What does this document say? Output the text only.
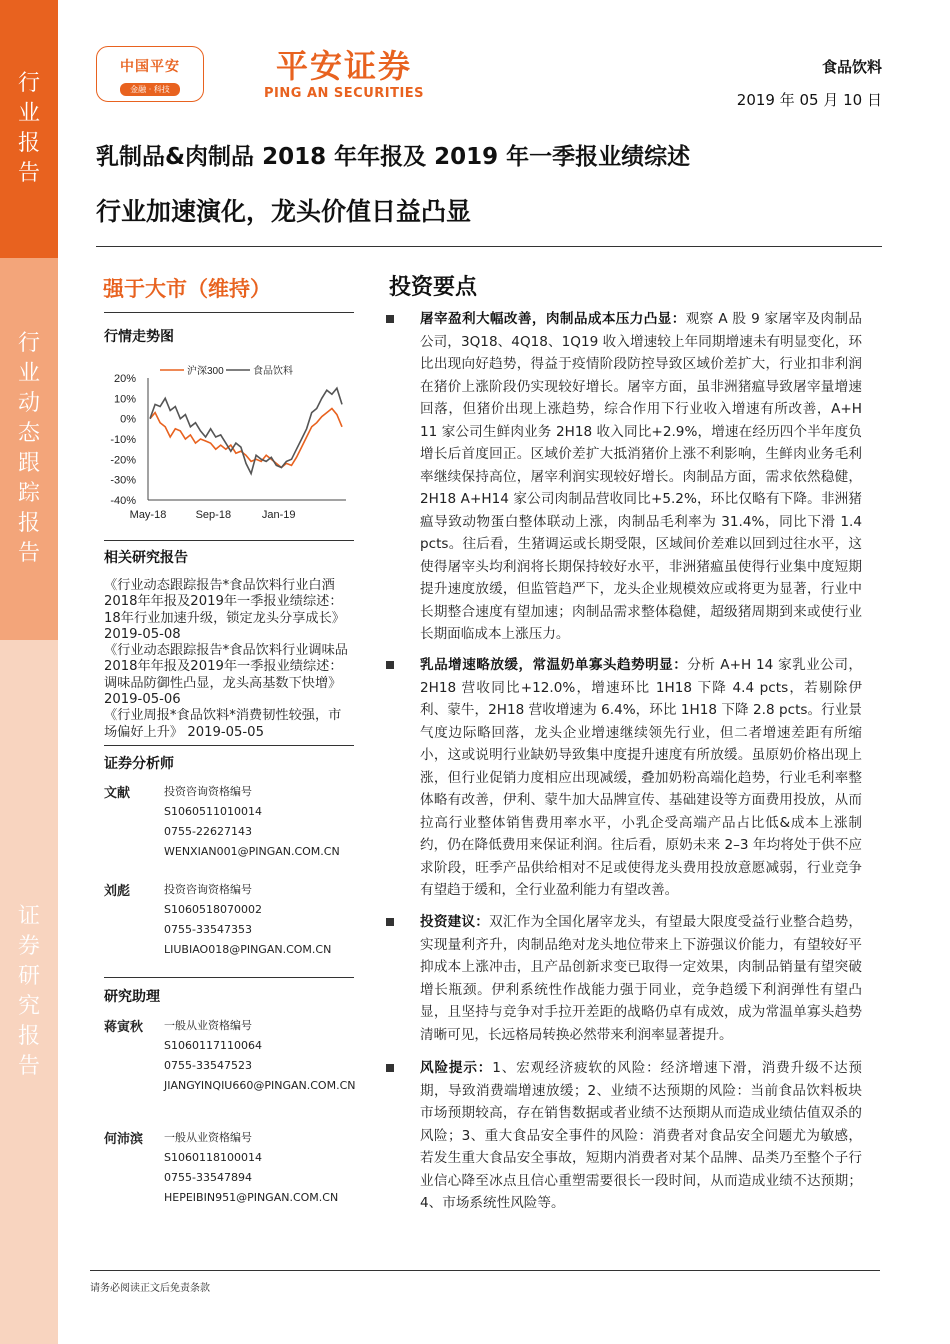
行业报告
行业动态跟踪报告
证券研究报告
中国平安
金融 · 科技
平安证券
PING AN SECURITIES
食品饮料
2019 年 05 月 10 日
乳制品&肉制品 2018 年年报及 2019 年一季报业绩综述
行业加速演化，龙头价值日益凸显
强于大市（维持）
行情走势图
沪深300	食品饮料
20%
10%
0%
-10%
-20%
-30%
-40%
May-18	Sep-18	Jan-19
相关研究报告

《行业动态跟踪报告*食品饮料行业白酒2018年年报及2019年一季报业绩综述：18年行业加速升级，锁定龙头分享成长》 2019-05-08

《行业动态跟踪报告*食品饮料行业调味品2018年年报及2019年一季报业绩综述：调味品防御性凸显，龙头高基数下快增》 2019-05-06

《行业周报*食品饮料*消费韧性较强，市场偏好上升》 2019-05-05

证券分析师
文献	投资咨询资格编号
S1060511010014
0755-22627143
WENXIAN001@PINGAN.COM.CN
刘彪	投资咨询资格编号
S1060518070002
0755-33547353
LIUBIAO018@PINGAN.COM.CN
研究助理
蒋寅秋	一般从业资格编号
S1060117110064
0755-33547523
JIANGYINQIU660@PINGAN.COM.CN
何沛滨	一般从业资格编号
S1060118100014
0755-33547894
HEPEIBIN951@PINGAN.COM.CN
投资要点
屠宰盈利大幅改善，肉制品成本压力凸显：观察 A 股 9 家屠宰及肉制品公司，3Q18、4Q18、1Q19 收入增速较上年同期增速未有明显变化，环比出现向好趋势，得益于疫情阶段防控导致区域价差扩大，行业扣非利润在猪价上涨阶段仍实现较好增长。屠宰方面，虽非洲猪瘟导致屠宰量增速回落，但猪价出现上涨趋势，综合作用下行业收入增速有所改善，A+H 11 家公司生鲜肉业务 2H18 收入同比+2.9%，增速在经历四个半年度负增长后首度回正。区域价差扩大抵消猪价上涨不利影响，生鲜肉业务毛利率继续保持高位，屠宰利润实现较好增长。肉制品方面，需求依然稳健，2H18 A+H14 家公司肉制品营收同比+5.2%，环比仅略有下降。非洲猪瘟导致动物蛋白整体联动上涨，肉制品毛利率为 31.4%，同比下滑 1.4 pcts。往后看，生猪调运或长期受限，区域间价差难以回到过往水平，这使得屠宰头均利润将长期保持较好水平，非洲猪瘟虽使得行业集中度短期提升速度放缓，但监管趋严下，龙头企业规模效应或将更为显著，行业中长期整合速度有望加速；肉制品需求整体稳健，超级猪周期到来或使行业长期面临成本上涨压力。
乳品增速略放缓，常温奶单寡头趋势明显：分析 A+H 14 家乳业公司，2H18 营收同比+12.0%，增速环比 1H18 下降 4.4 pcts，若剔除伊利、蒙牛，2H18 营收增速为 6.4%，环比 1H18 下降 2.8 pcts。行业景气度边际略回落，龙头企业增速继续领先行业，但二者增速差距有所缩小，这或说明行业缺奶导致集中度提升速度有所放缓。虽原奶价格出现上涨，但行业促销力度相应出现减缓，叠加奶粉高端化趋势，行业毛利率整体略有改善，伊利、蒙牛加大品牌宣传、基础建设等方面费用投放，从而拉高行业整体销售费用率水平，小乳企受高端产品占比低&成本上涨制约，仍在降低费用来保证利润。往后看，原奶未来 2–3 年均将处于供不应求阶段，旺季产品供给相对不足或使得龙头费用投放意愿减弱，行业竞争有望趋于缓和，全行业盈利能力有望改善。
投资建议：双汇作为全国化屠宰龙头，有望最大限度受益行业整合趋势，实现量利齐升，肉制品绝对龙头地位带来上下游强议价能力，有望较好平抑成本上涨冲击，且产品创新求变已取得一定效果，肉制品销量有望突破增长瓶颈。伊利系统性作战能力强于同业，竞争趋缓下利润弹性有望凸显，且坚持与竞争对手拉开差距的战略仍卓有成效，成为常温单寡头趋势清晰可见，长远格局转换必然带来利润率显著提升。
风险提示：1、宏观经济疲软的风险：经济增速下滑，消费升级不达预期，导致消费端增速放缓；2、业绩不达预期的风险：当前食品饮料板块市场预期较高，存在销售数据或者业绩不达预期从而造成业绩估值双杀的风险；3、重大食品安全事件的风险：消费者对食品安全问题尤为敏感，若发生重大食品安全事故，短期内消费者对某个品牌、品类乃至整个子行业信心降至冰点且信心重塑需要很长一段时间，从而造成业绩不达预期；4、市场系统性风险等。
请务必阅读正文后免责条款
